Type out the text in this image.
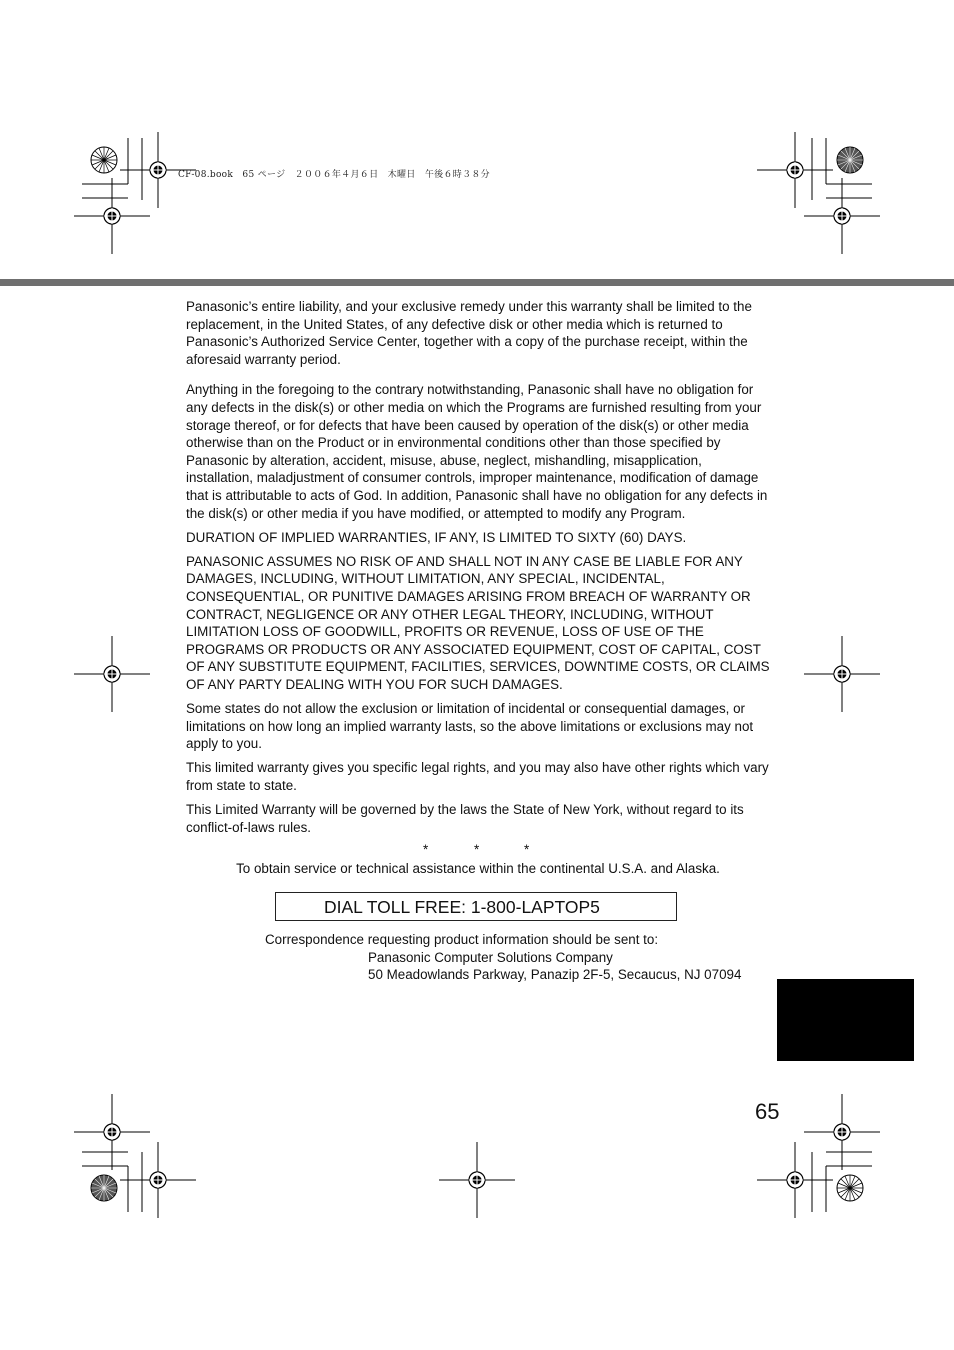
CF-08.book　65 ページ　２００６年４月６日　木曜日　午後６時３８分

Panasonic’s entire liability, and your exclusive remedy under this warranty shall be limited to the replacement, in the United States, of any defective disk or other media which is returned to Panasonic’s Authorized Service Center, together with a copy of the purchase receipt, within the aforesaid warranty period.

Anything in the foregoing to the contrary notwithstanding, Panasonic shall have no obligation for any defects in the disk(s) or other media on which the Programs are furnished resulting from your storage thereof, or for defects that have been caused by operation of the disk(s) or other media otherwise than on the Product or in environmental conditions other than those specified by Panasonic by alteration, accident, misuse, abuse, neglect, mishandling, misapplication, installation, maladjustment of consumer controls, improper maintenance, modification of damage that is attributable to acts of God. In addition, Panasonic shall have no obligation for any defects in the disk(s) or other media if you have modified, or attempted to modify any Program.

DURATION OF IMPLIED WARRANTIES, IF ANY, IS LIMITED TO SIXTY (60) DAYS.

PANASONIC ASSUMES NO RISK OF AND SHALL NOT IN ANY CASE BE LIABLE FOR ANY DAMAGES, INCLUDING, WITHOUT LIMITATION, ANY SPECIAL, INCIDENTAL, CONSEQUENTIAL, OR PUNITIVE DAMAGES ARISING FROM BREACH OF WARRANTY OR CONTRACT, NEGLIGENCE OR ANY OTHER LEGAL THEORY, INCLUDING, WITHOUT LIMITATION LOSS OF GOODWILL, PROFITS OR REVENUE, LOSS OF USE OF THE PROGRAMS OR PRODUCTS OR ANY ASSOCIATED EQUIPMENT, COST OF CAPITAL, COST OF ANY SUBSTITUTE EQUIPMENT, FACILITIES, SERVICES, DOWNTIME COSTS, OR CLAIMS OF ANY PARTY DEALING WITH YOU FOR SUCH DAMAGES.

Some states do not allow the exclusion or limitation of incidental or consequential damages, or limitations on how long an implied warranty lasts, so the above limitations or exclusions may not apply to you.

This limited warranty gives you specific legal rights, and you may also have other rights which vary from state to state.

This Limited Warranty will be governed by the laws the State of New York, without regard to its conflict-of-laws rules.

*	*	*
To obtain service or technical assistance within the continental U.S.A. and Alaska.
DIAL TOLL FREE: 1-800-LAPTOP5
Correspondence requesting product information should be sent to:
Panasonic Computer Solutions Company
50 Meadowlands Parkway, Panazip 2F-5, Secaucus, NJ 07094
65
